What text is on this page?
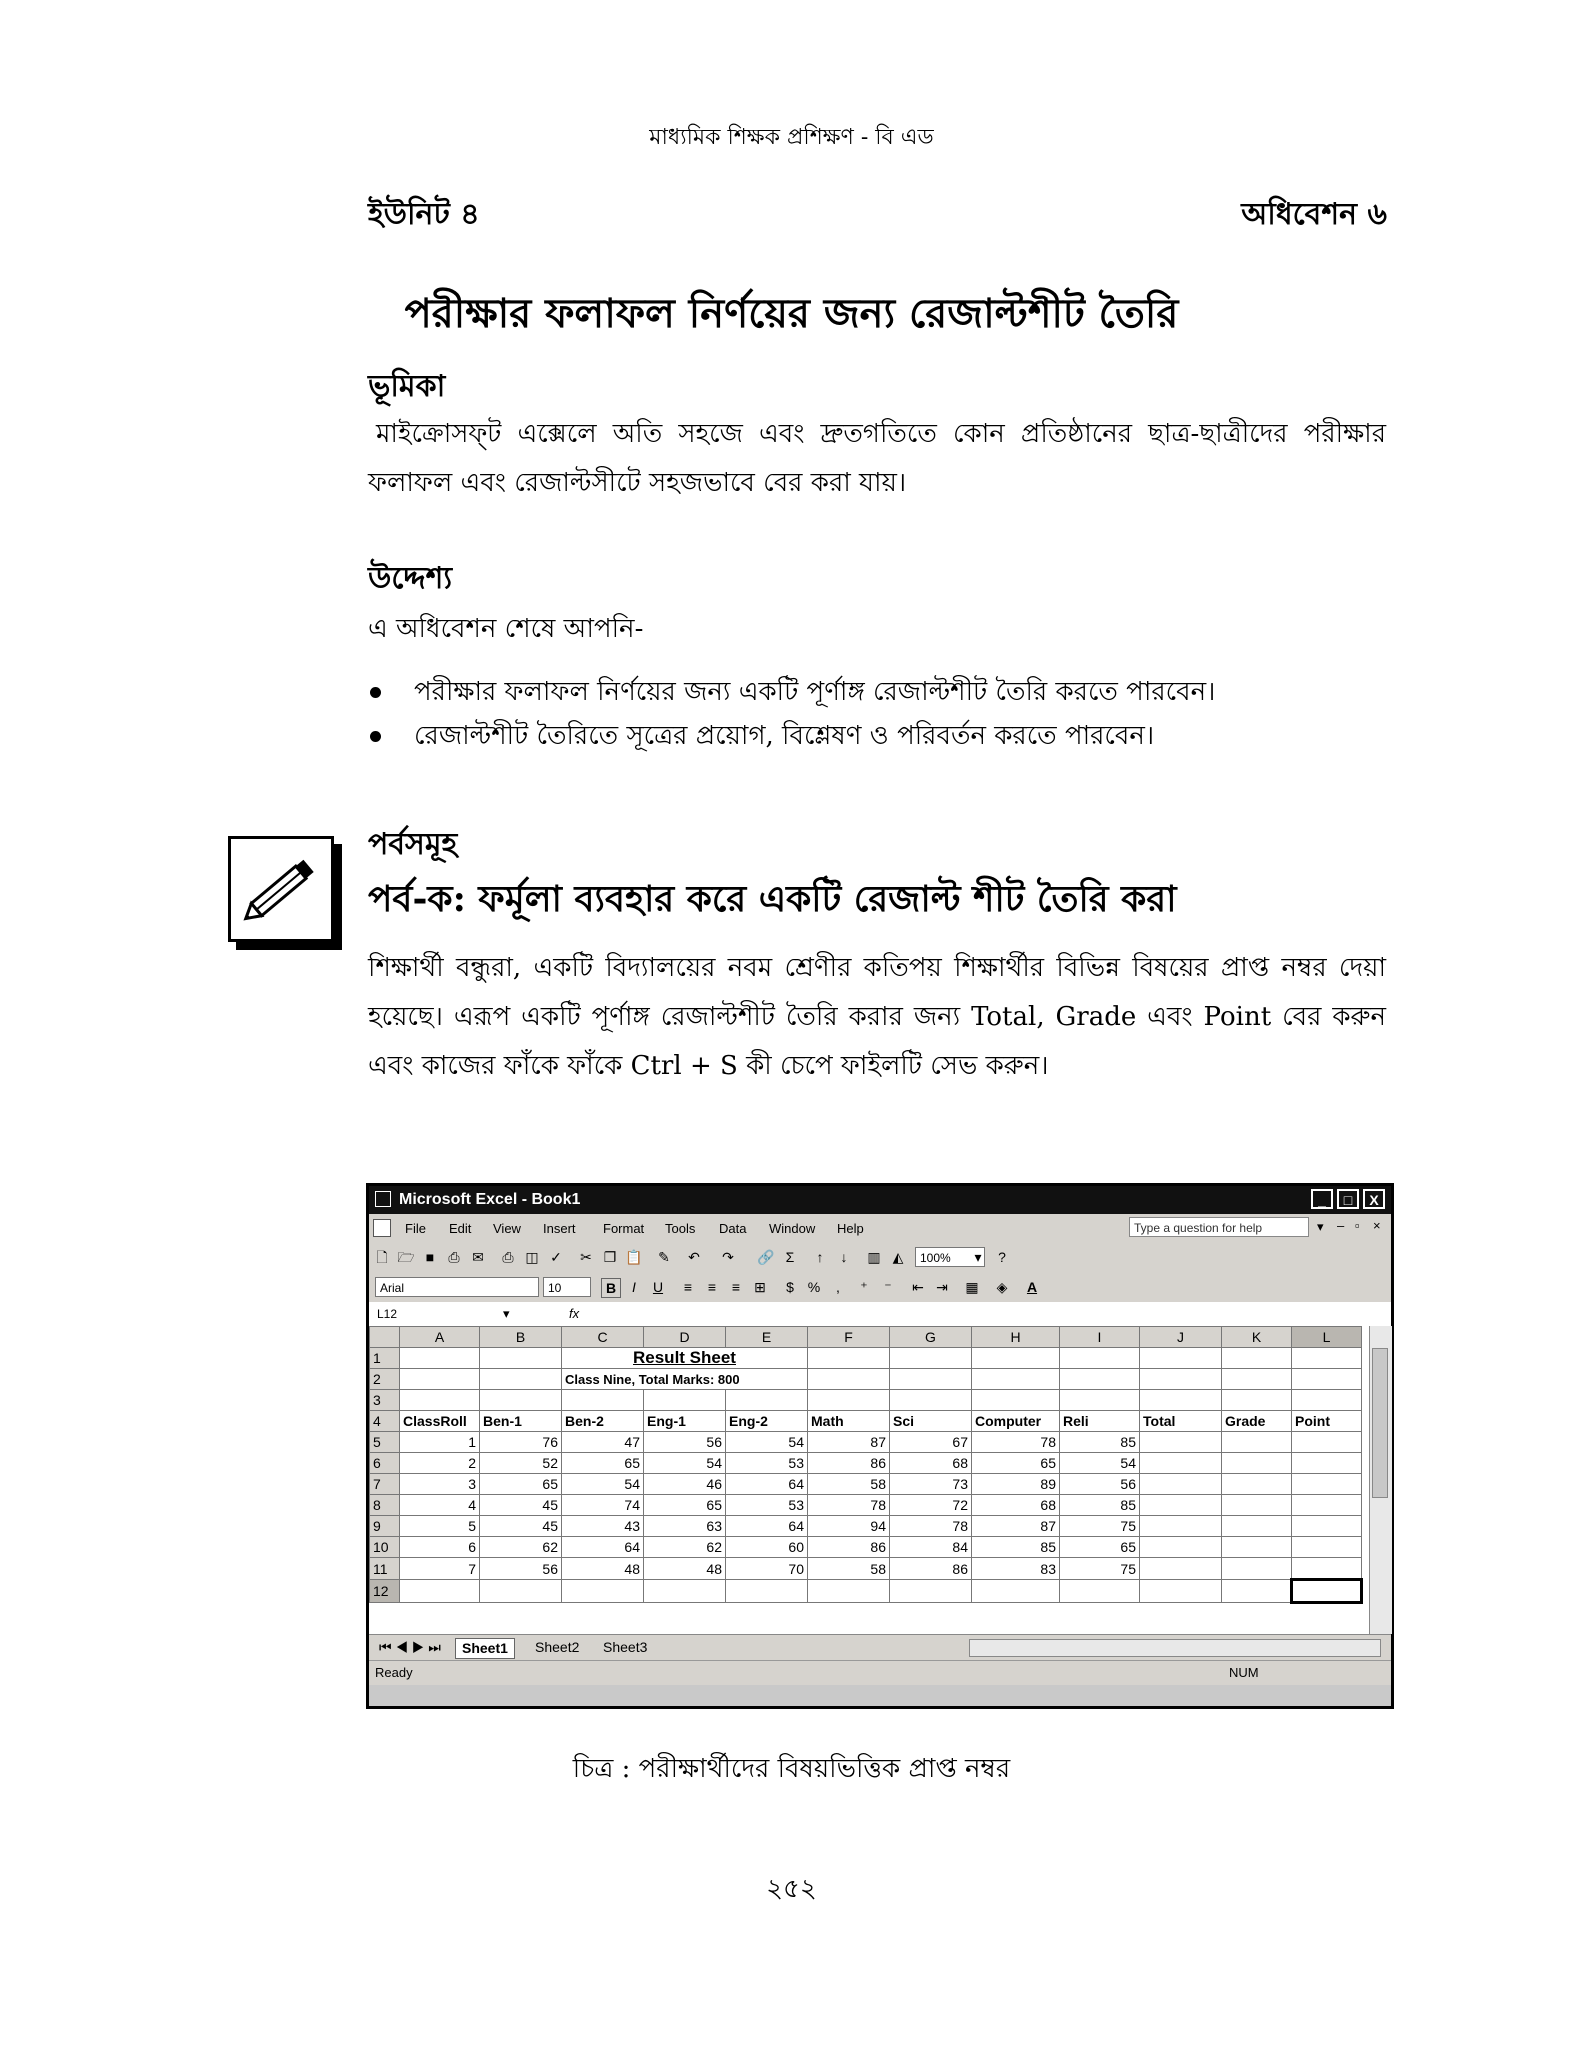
মাধ্যমিক শিক্ষক প্রশিক্ষণ - বি এড
ইউনিট ৪	অধিবেশন ৬
পরীক্ষার ফলাফল নির্ণয়ের জন্য রেজাল্টশীট তৈরি
ভূমিকা
মাইক্রোসফ্‌ট এক্সেলে অতি সহজে এবং দ্রুতগতিতে কোন প্রতিষ্ঠানের ছাত্র-ছাত্রীদের পরীক্ষার ফলাফল এবং রেজাল্টসীটে সহজভাবে বের করা যায়।
উদ্দেশ্য
এ অধিবেশন শেষে আপনি-
পরীক্ষার ফলাফল নির্ণয়ের জন্য একটি পূর্ণাঙ্গ রেজাল্টশীট তৈরি করতে পারবেন।
রেজাল্টশীট তৈরিতে সূত্রের প্রয়োগ, বিশ্লেষণ ও পরিবর্তন করতে পারবেন।
পর্বসমূহ
পর্ব-ক: ফর্মূলা ব্যবহার করে একটি রেজাল্ট শীট তৈরি করা
শিক্ষার্থী বন্ধুরা, একটি বিদ্যালয়ের নবম শ্রেণীর কতিপয় শিক্ষার্থীর বিভিন্ন বিষয়ের প্রাপ্ত নম্বর দেয়া হয়েছে। এরূপ একটি পূর্ণাঙ্গ রেজাল্টশীট তৈরি করার জন্য Total, Grade এবং Point বের করুন এবং কাজের ফাঁকে ফাঁকে Ctrl + S কী চেপে ফাইলটি সেভ করুন।
Microsoft Excel - Book1	_	□	X
File Edit View Insert Format Tools Data Window Help	Type a question for help	▾ – ▫ ×
🗋 🗁 ■	⎙ ✉ ⎙ ◫ ✓ ✂ ❐ 📋 ✎ ↶ ↷ 🔗 Σ	↑	↓	▥ ◭	100%	▾	?
Arial	10	B	I	U	≡	≡	≡	⊞	$ %	,	⁺	⁻	⇤ ⇥ ▦ ◈ A
L12	▾	fx
	A	B	C	D	E	F	G	H	I	J	K	L
1			Result Sheet									
2			Class Nine, Total Marks: 800									
3												
4	ClassRoll	Ben-1	Ben-2	Eng-1	Eng-2	Math	Sci	Computer	Reli	Total	Grade	Point
5	1	76	47	56	54	87	67	78	85			
6	2	52	65	54	53	86	68	65	54			
7	3	65	54	46	64	58	73	89	56			
8	4	45	74	65	53	78	72	68	85			
9	5	45	43	63	64	94	78	87	75			
10	6	62	64	62	60	86	84	85	65			
11	7	56	48	48	70	58	86	83	75			
12												
⏮ ◀ ▶ ⏭	Sheet1	Sheet2	Sheet3
Ready	NUM
চিত্র : পরীক্ষার্থীদের বিষয়ভিত্তিক প্রাপ্ত নম্বর
২৫২
